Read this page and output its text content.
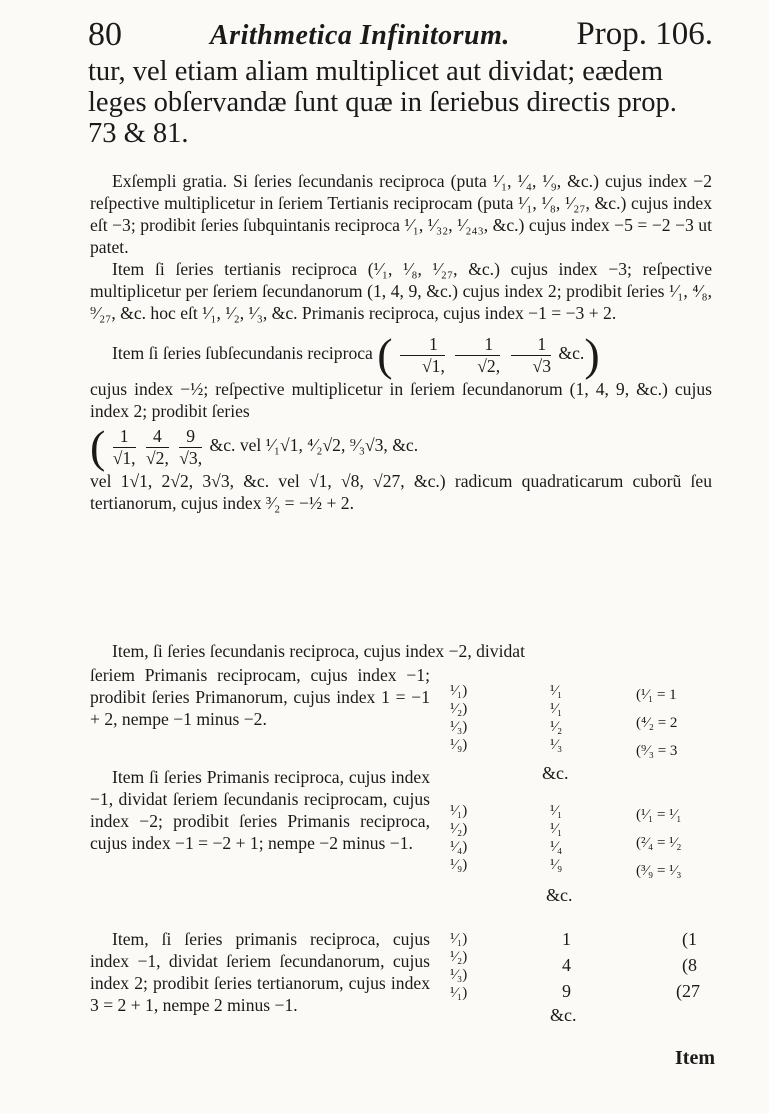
80	Arithmetica Infinitorum. Prop. 106.
tur, vel etiam aliam multiplicet aut dividat; eædem
leges obſervandæ ſunt quæ in ſeriebus directis prop.
73 & 81.

Exſempli gratia. Si ſeries ſecundanis reciproca (puta ¹⁄₁, ¹⁄₄, ¹⁄₉, &c.) cujus index −2 reſpective multiplicetur in ſeriem Tertianis reciprocam (puta ¹⁄₁, ¹⁄₈, ¹⁄₂₇, &c.) cujus index eſt −3; prodibit ſeries ſubquintanis reciproca ¹⁄₁, ¹⁄₃₂, ¹⁄₂₄₃, &c.) cujus index −5 = −2 −3 ut patet.

Item ſi ſeries tertianis reciproca (¹⁄₁, ¹⁄₈, ¹⁄₂₇, &c.) cujus index −3; reſpective multiplicetur per ſeriem ſecundanorum (1, 4, 9, &c.) cujus index 2; prodibit ſeries ¹⁄₁, ⁴⁄₈, ⁹⁄₂₇, &c. hoc eſt ¹⁄₁, ¹⁄₂, ¹⁄₃, &c. Primanis reciproca, cujus index −1 = −3 + 2.

Item ſi ſeries ſubſecundanis reciproca ( $\frac{1}{√1,}$
$\frac{1}{√2,}$
$\frac{1}{√3}$ &c.)

cujus index −½; reſpective multiplicetur in ſeriem ſecundanorum (1, 4, 9, &c.) cujus index 2; prodibit ſeries

( $\frac{1}{√1,}$
$\frac{4}{√2,}$
$\frac{9}{√3,}$ &c. vel ¹⁄₁√1, ⁴⁄₂√2, ⁹⁄₃√3, &c.

vel 1√1, 2√2, 3√3, &c. vel √1, √8, √27, &c.) radicum quadraticarum cuborũ ſeu tertianorum, cujus index ³⁄₂ = −½ + 2.

Item, ſi ſeries ſecundanis reciproca, cujus index −2, dividat

ſeriem Primanis reciprocam, cujus index −1; prodibit ſeries Primanorum, cujus index 1 = −1 + 2, nempe −1 minus −2.

Item ſi ſeries Primanis reciproca, cujus index −1, dividat ſeriem ſecundanis reciprocam, cujus index −2; prodibit ſeries Primanis reciproca, cujus index −1 = −2 + 1; nempe −2 minus −1.

Item, ſi ſeries primanis reciproca, cujus index −1, dividat ſeriem ſecundanorum, cujus index 2; prodibit ſeries tertianorum, cujus index 3 = 2 + 1, nempe 2 minus −1.

¹⁄₁)
¹⁄₂)
¹⁄₃)
¹⁄₉)
¹⁄₁
¹⁄₁
¹⁄₂
¹⁄₃
(¹⁄₁ = 1
(⁴⁄₂ = 2
(⁹⁄₃ = 3
&c.
¹⁄₁)
¹⁄₂)
¹⁄₄)
¹⁄₉)
¹⁄₁
¹⁄₁
¹⁄₄
¹⁄₉
(¹⁄₁ = ¹⁄₁
(²⁄₄ = ¹⁄₂
(³⁄₉ = ¹⁄₃
&c.
¹⁄₁)
¹⁄₂)
¹⁄₃)
¹⁄₁)
1
4
9
(1
(8
(27
&c.
Item
